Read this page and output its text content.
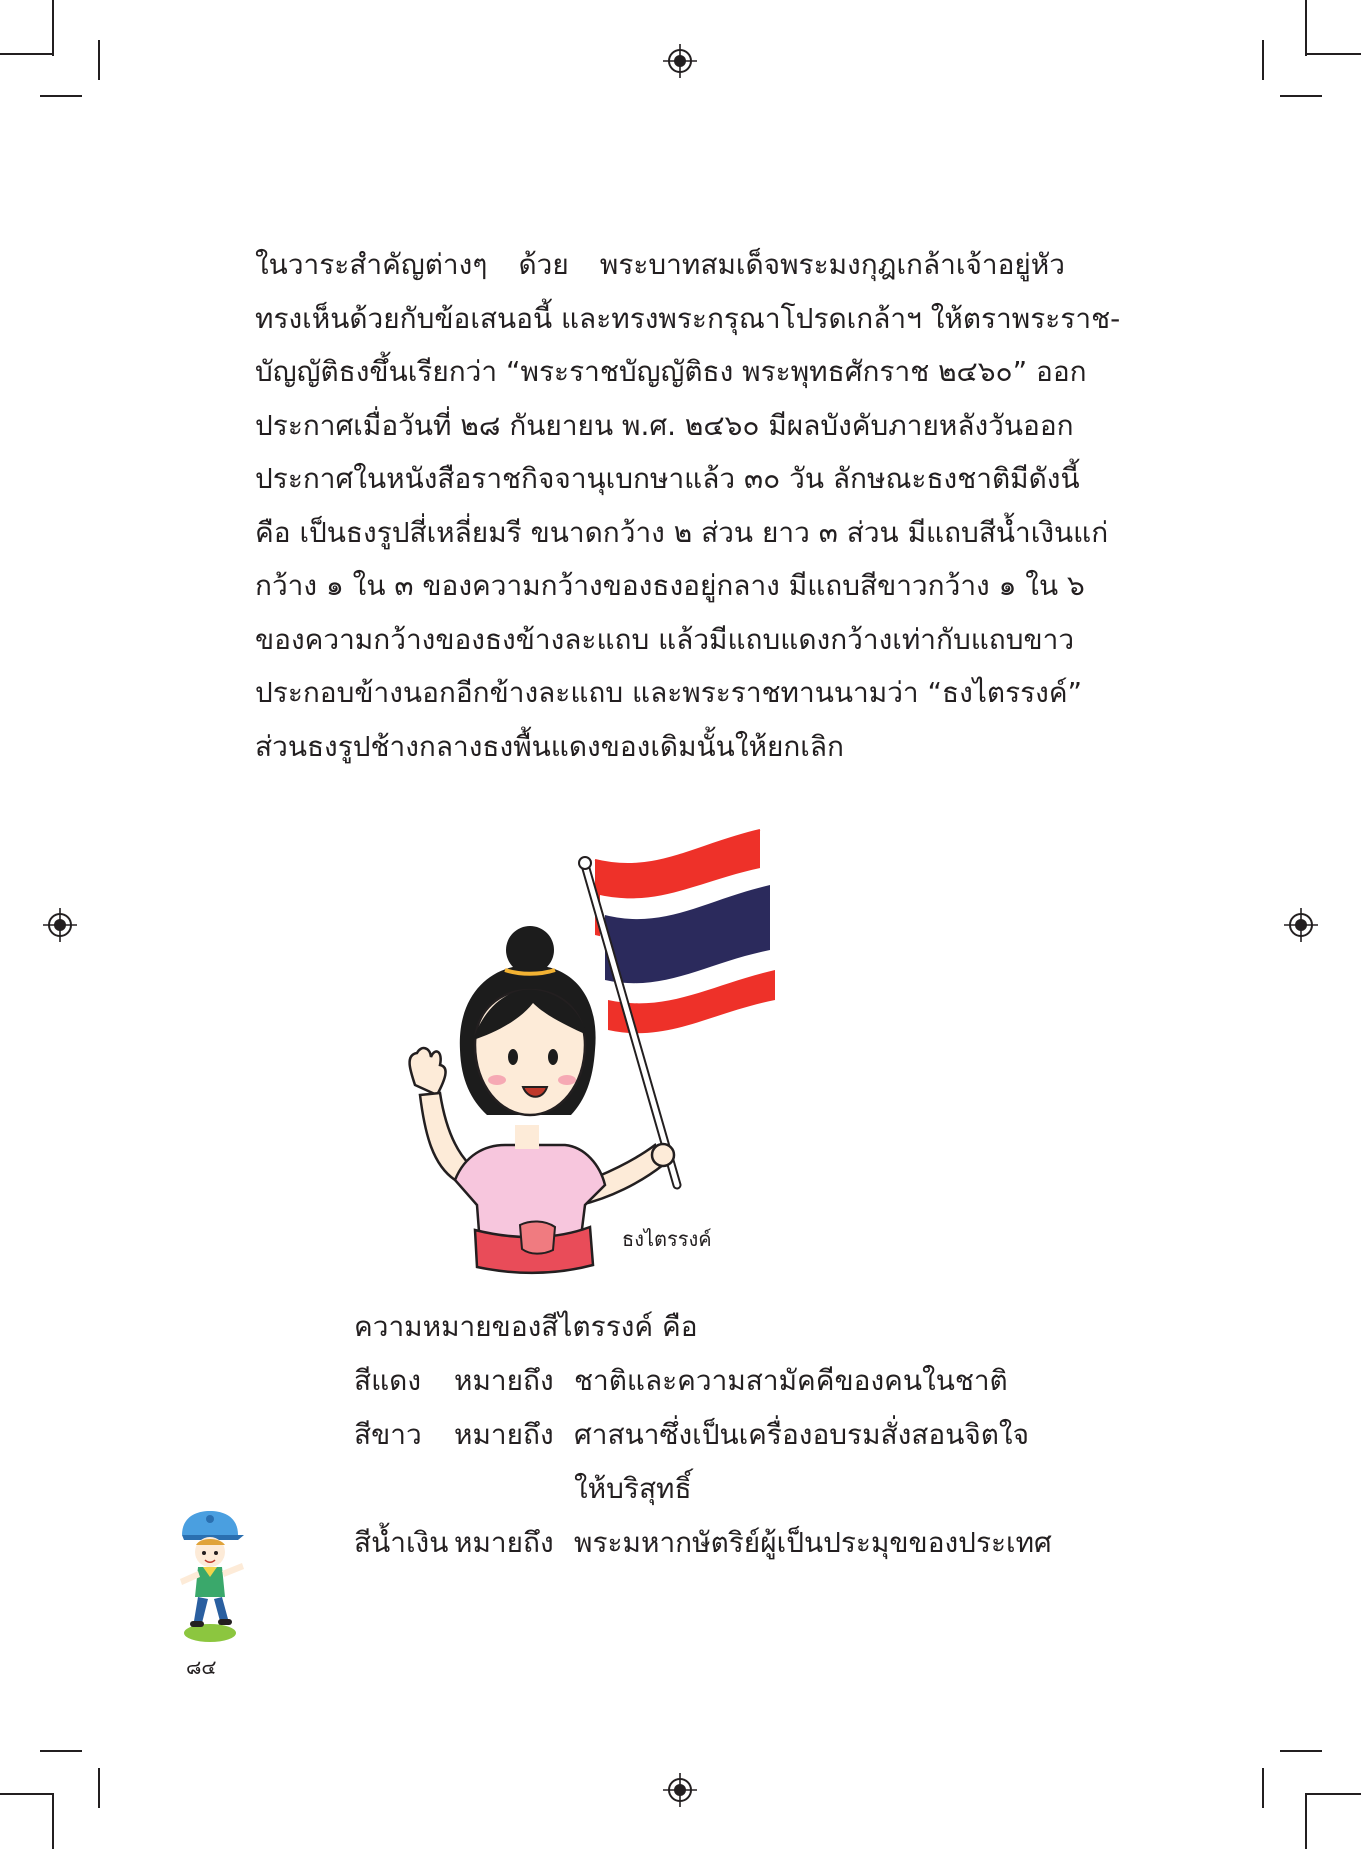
ในวาระสำคัญต่างๆ ด้วย พระบาทสมเด็จพระมงกุฎเกล้าเจ้าอยู่หัว
ทรงเห็นด้วยกับข้อเสนอนี้ และทรงพระกรุณาโปรดเกล้าฯ ให้ตราพระราช-
บัญญัติธงขึ้นเรียกว่า “พระราชบัญญัติธง พระพุทธศักราช ๒๔๖๐” ออก
ประกาศเมื่อวันที่ ๒๘ กันยายน พ.ศ. ๒๔๖๐ มีผลบังคับภายหลังวันออก
ประกาศในหนังสือราชกิจจานุเบกษาแล้ว ๓๐ วัน ลักษณะธงชาติมีดังนี้
คือ เป็นธงรูปสี่เหลี่ยมรี ขนาดกว้าง ๒ ส่วน ยาว ๓ ส่วน มีแถบสีน้ำเงินแก่
กว้าง ๑ ใน ๓ ของความกว้างของธงอยู่กลาง มีแถบสีขาวกว้าง ๑ ใน ๖
ของความกว้างของธงข้างละแถบ แล้วมีแถบแดงกว้างเท่ากับแถบขาว
ประกอบข้างนอกอีกข้างละแถบ และพระราชทานนามว่า “ธงไตรรงค์”
ส่วนธงรูปช้างกลางธงพื้นแดงของเดิมนั้นให้ยกเลิก
ธงไตรรงค์
ความหมายของสีไตรรงค์ คือ
สีแดง	หมายถึง ชาติและความสามัคคีของคนในชาติ
สีขาว	หมายถึง ศาสนาซึ่งเป็นเครื่องอบรมสั่งสอนจิตใจ
ให้บริสุทธิ์
สีน้ำเงิน หมายถึง พระมหากษัตริย์ผู้เป็นประมุขของประเทศ
๘๔
